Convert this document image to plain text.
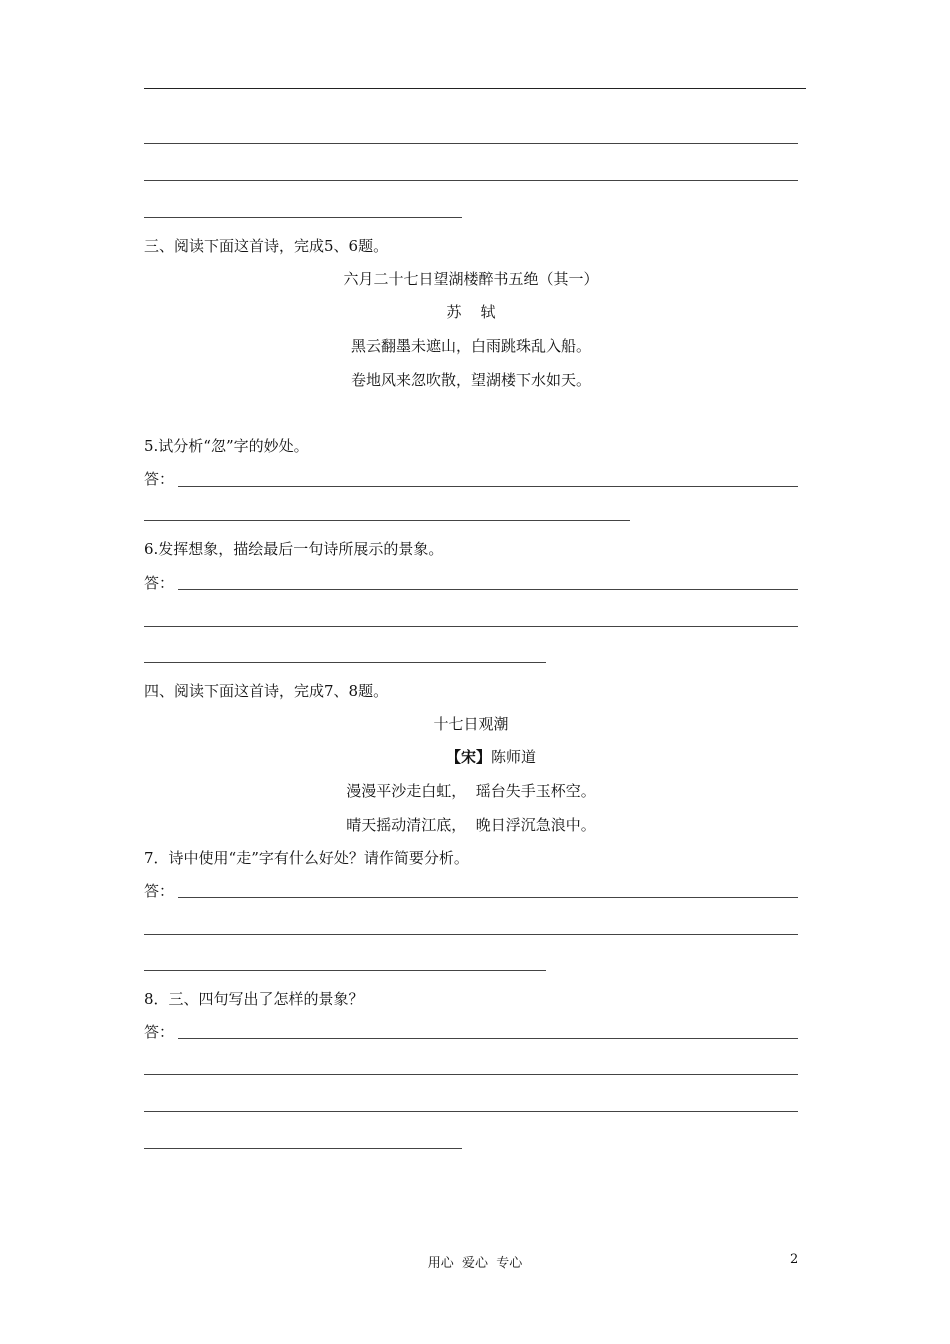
三、阅读下面这首诗，完成5、6题。
六月二十七日望湖楼醉书五绝（其一）
苏    轼
黑云翻墨未遮山，白雨跳珠乱入船。
卷地风来忽吹散，望湖楼下水如天。
5.试分析“忽”字的妙处。
答：
6.发挥想象，描绘最后一句诗所展示的景象。
答：
四、阅读下面这首诗，完成7、8题。
十七日观潮
【宋】陈师道
漫漫平沙走白虹，  瑶台失手玉杯空。
晴天摇动清江底，  晚日浮沉急浪中。
7．诗中使用“走”字有什么好处？请作简要分析。
答：
8．三、四句写出了怎样的景象？
答：
用心  爱心  专心	2
